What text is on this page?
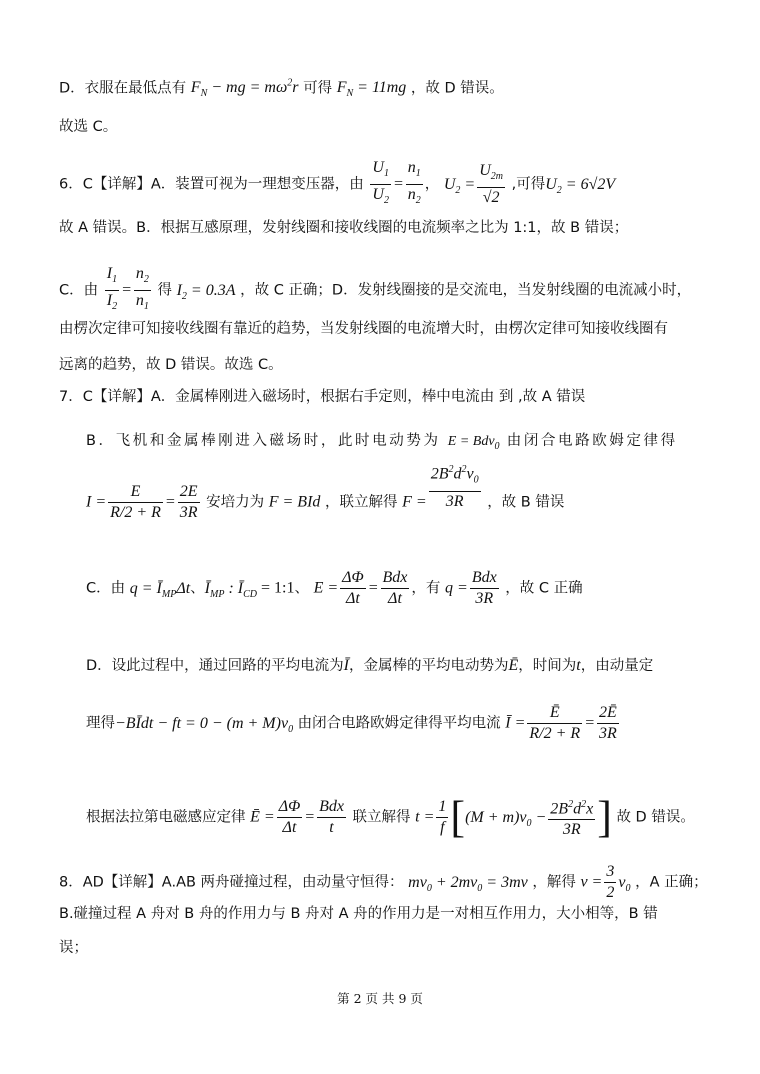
D．衣服在最低点有 $F_N$ − mg = $m\omega^2r$ 可得 $F_N = 11mg$ ，故 D 错误。
故选 C。
6．C【详解】A．装置可视为一理想变压器，由 $\frac{U_1}{U_2} = \frac{n_1}{n_2}$ ， $U_2 = \frac{U_{2m}}{√2}$ ,可得$U_2 = 6√2V$
故 A 错误。B．根据互感原理，发射线圈和接收线圈的电流频率之比为 1:1，故 B 错误；
C．由 $\frac{I_1}{I_2} = \frac{n_2}{n_1}$ 得 $I_2 = 0.3A$ ，故 C 正确；D．发射线圈接的是交流电，当发射线圈的电流减小时，
由楞次定律可知接收线圈有靠近的趋势，当发射线圈的电流增大时，由楞次定律可知接收线圈有
远离的趋势，故 D 错误。故选 C。
7．C【详解】A．金属棒刚进入磁场时，根据右手定则，棒中电流由 到 ,故 A 错误
B．飞机和金属棒刚进入磁场时，此时电动势为 E = Bdv$_0$ 由闭合电路欧姆定律得
$I = \frac{E}{R/2 + R} = \frac{2E}{3R}$ 安培力为 F = BId ，联立解得 $F = \frac{2B^2d^2v_0}{3R}$ ，故 B 错误
C．由 $q = Ī_{MP}\Delta t$、$Ī_{MP}$ : $Ī_{CD}$ = 1:1、 $E = \frac{\Delta\Phi}{\Delta t} = \frac{\text{Bdx}}{\Delta t}$ ，有 $q = \frac{\text{Bdx}}{3R}$ ，故 C 正确
D．设此过程中，通过回路的平均电流为Ī，金属棒的平均电动势为Ē，时间为t，由动量定
理得−BĪdt − ft = $0 - (m + M)v_0$ 由闭合电路欧姆定律得平均电流 Ī = $\frac{Ē}{R/2 + R} = \frac{2Ē}{3R}$
根据法拉第电磁感应定律 Ē = $\frac{\Delta\Phi}{\Delta t} = \frac{\text{Bdx}}{t}$ 联立解得 $t = \frac{1}{f} [(M + m)v_0 - \frac{2B^2d^2x}{3R}$ ] 故 D 错误。
8．AD【详解】A.AB 两舟碰撞过程，由动量守恒得： $mv_0 + 2mv_0 = 3mv$ ，解得 $v = \frac{3}{2} v_0$ ，A 正确；
B.碰撞过程 A 舟对 B 舟的作用力与 B 舟对 A 舟的作用力是一对相互作用力，大小相等，B 错
误；
第 2 页 共 9 页
